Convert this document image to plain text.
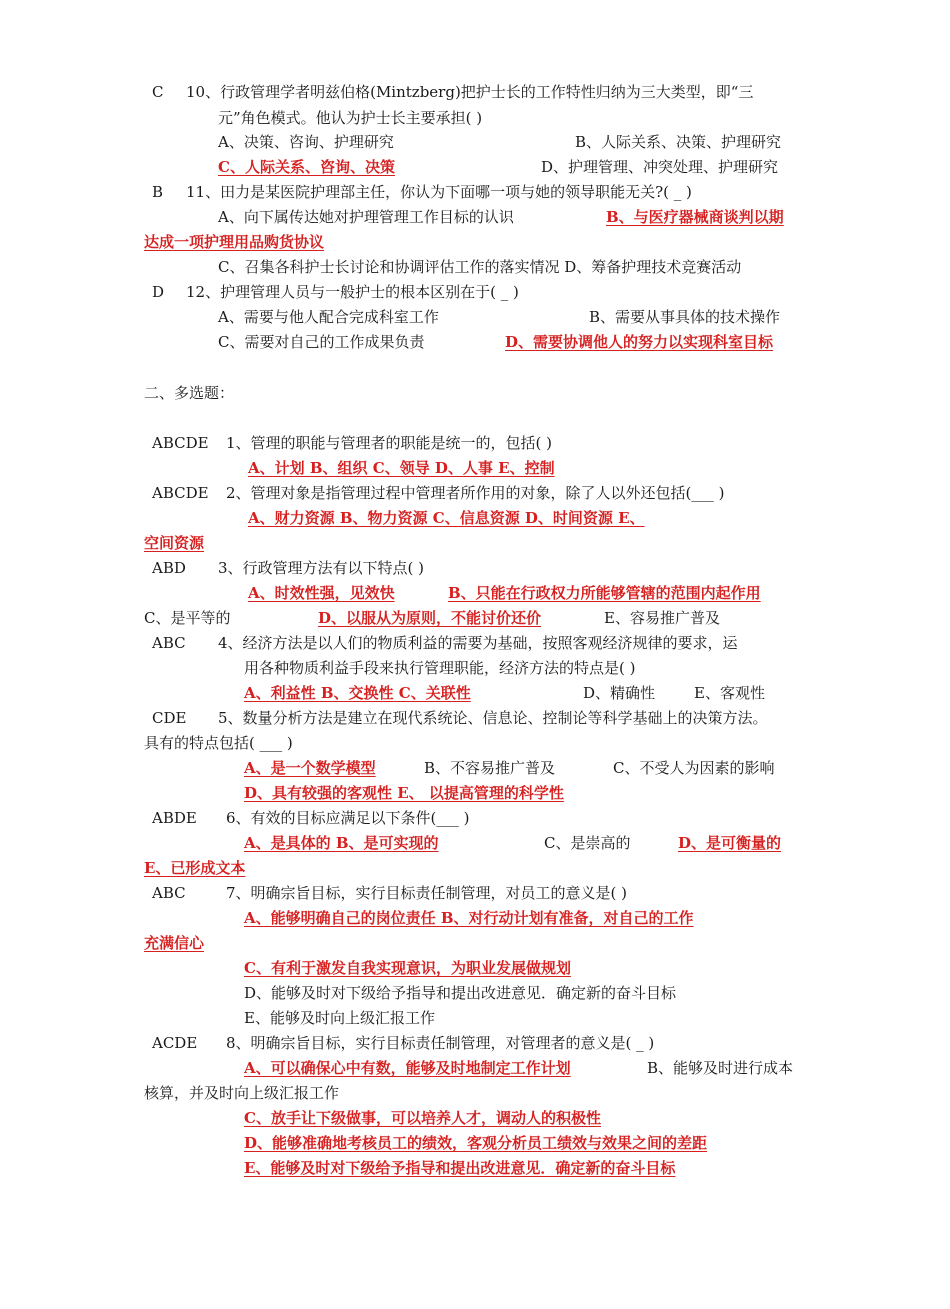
C 10、行政管理学者明兹伯格(Mintzberg)把护士长的工作特性归纳为三大类型，即“三
元”角色模式。他认为护士长主要承担( )
A、决策、咨询、护理研究	B、人际关系、决策、护理研究
C、人际关系、咨询、决策	D、护理管理、冲突处理、护理研究
B 11、田力是某医院护理部主任，你认为下面哪一项与她的领导职能无关?( _ )
A、向下属传达她对护理管理工作目标的认识	B、与医疗器械商谈判以期
达成一项护理用品购货协议
C、召集各科护士长讨论和协调评估工作的落实情况 D、筹备护理技术竞赛活动
D 12、护理管理人员与一般护士的根本区别在于( _ )
A、需要与他人配合完成科室工作	B、需要从事具体的技术操作
C、需要对自己的工作成果负责	D、需要协调他人的努力以实现科室目标
二、多选题：
ABCDE 1、管理的职能与管理者的职能是统一的，包括( )
A、计划 B、组织 C、领导 D、人事 E、控制
ABCDE 2、管理对象是指管理过程中管理者所作用的对象，除了人以外还包括(___ )
A、财力资源 B、物力资源 C、信息资源 D、时间资源 E、
空间资源
ABD 3、行政管理方法有以下特点( )
A、时效性强，见效快	B、只能在行政权力所能够管辖的范围内起作用
C、是平等的	D、以服从为原则，不能讨价还价	E、容易推广普及
ABC 4、经济方法是以人们的物质利益的需要为基础，按照客观经济规律的要求，运
用各种物质利益手段来执行管理职能，经济方法的特点是( )
A、利益性 B、交换性 C、关联性	D、精确性	E、客观性
CDE 5、数量分析方法是建立在现代系统论、信息论、控制论等科学基础上的决策方法。
具有的特点包括( ___ )
A、是一个数学模型	B、不容易推广普及	C、不受人为因素的影响
D、具有较强的客观性 E、 以提高管理的科学性
ABDE 6、有效的目标应满足以下条件(___ )
A、是具体的 B、是可实现的	C、是崇高的	D、是可衡量的
E、已形成文本
ABC	7、明确宗旨目标，实行目标责任制管理，对员工的意义是( )
A、能够明确自己的岗位责任 B、对行动计划有准备，对自己的工作
充满信心
C、有利于激发自我实现意识，为职业发展做规划
D、能够及时对下级给予指导和提出改进意见．确定新的奋斗目标
E、能够及时向上级汇报工作
ACDE 8、明确宗旨目标，实行目标责任制管理，对管理者的意义是( _ )
A、可以确保心中有数，能够及时地制定工作计划	B、能够及时进行成本
核算，并及时向上级汇报工作
C、放手让下级做事，可以培养人才，调动人的积极性
D、能够准确地考核员工的绩效，客观分析员工绩效与效果之间的差距
E、能够及时对下级给予指导和提出改进意见．确定新的奋斗目标
